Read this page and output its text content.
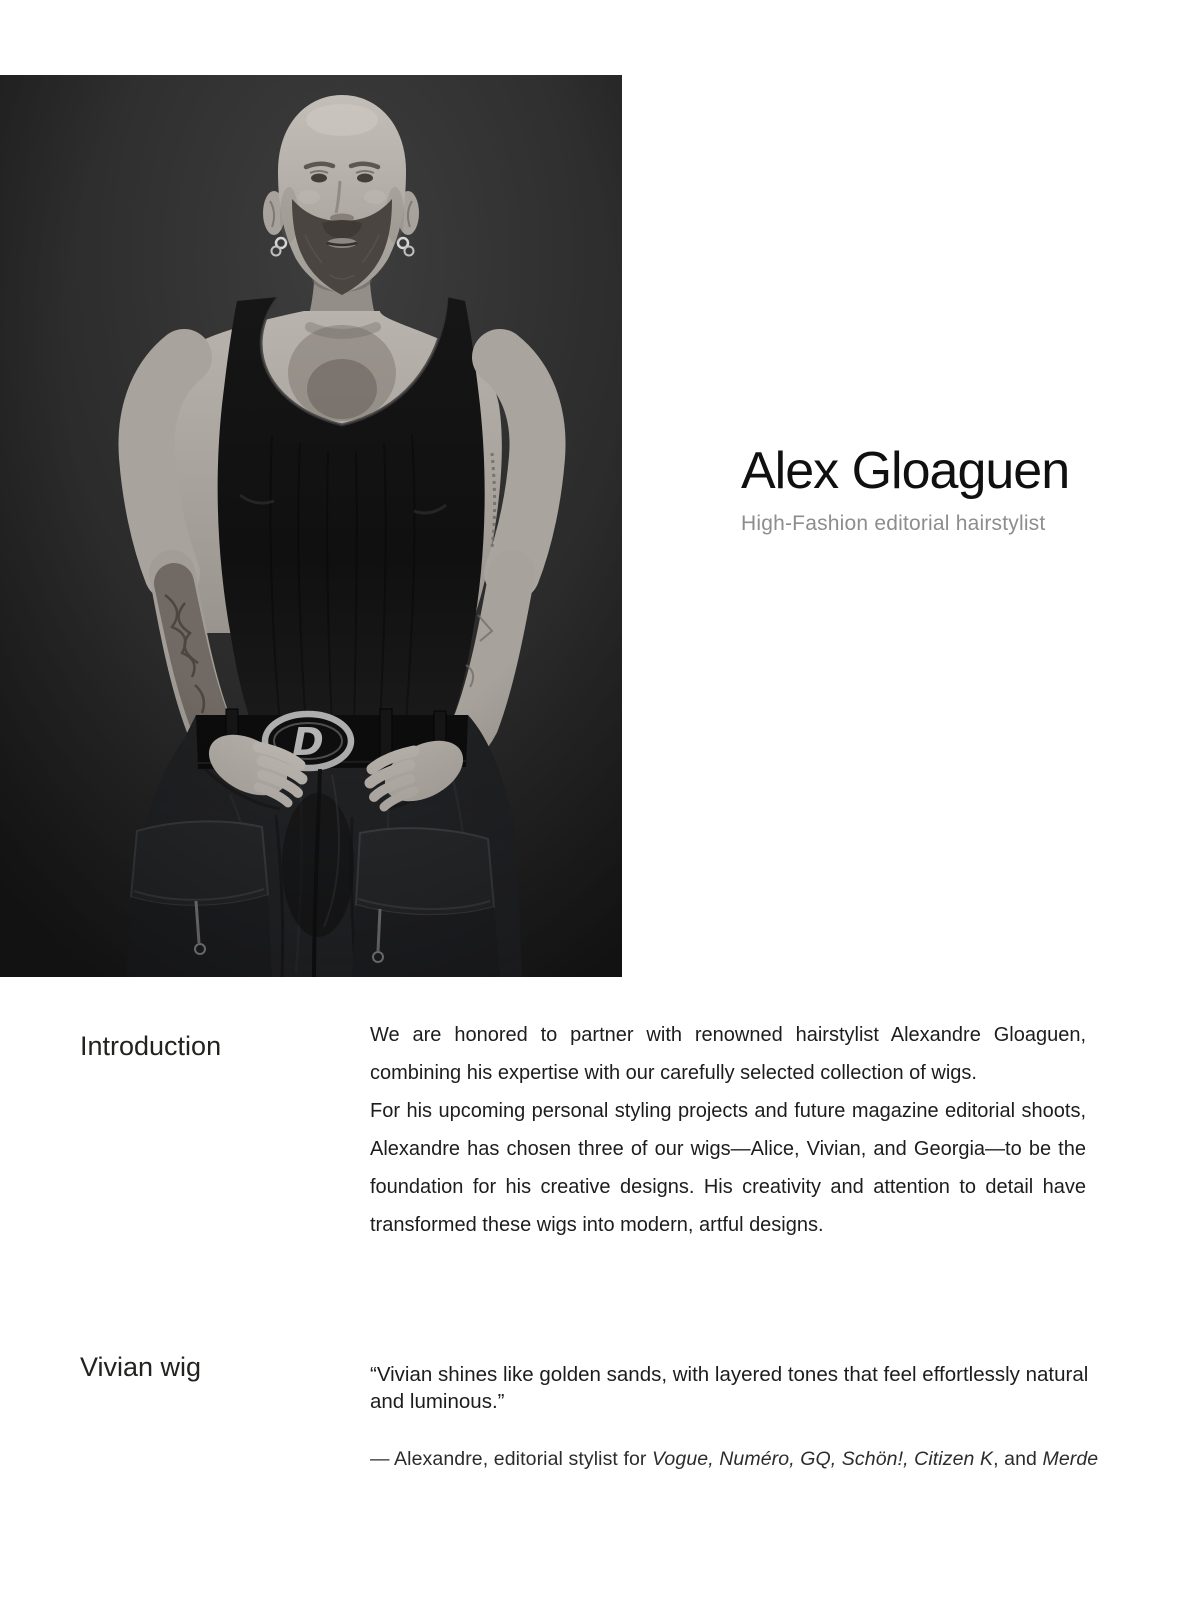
Alex Gloaguen

High-Fashion editorial hairstylist

Introduction	We are honored to partner with renowned hairstylist Alexandre Gloaguen, combining his expertise with our carefully selected collection of wigs.

For his upcoming personal styling projects and future magazine editorial shoots, Alexandre has chosen three of our wigs—Alice, Vivian, and Georgia—to be the foundation for his creative designs. His creativity and attention to detail have transformed these wigs into modern, artful designs.

Vivian wig	“Vivian shines like golden sands, with layered tones that feel effortlessly natural and luminous.”

— Alexandre, editorial stylist for Vogue, Numéro, GQ, Schön!, Citizen K, and Merde
